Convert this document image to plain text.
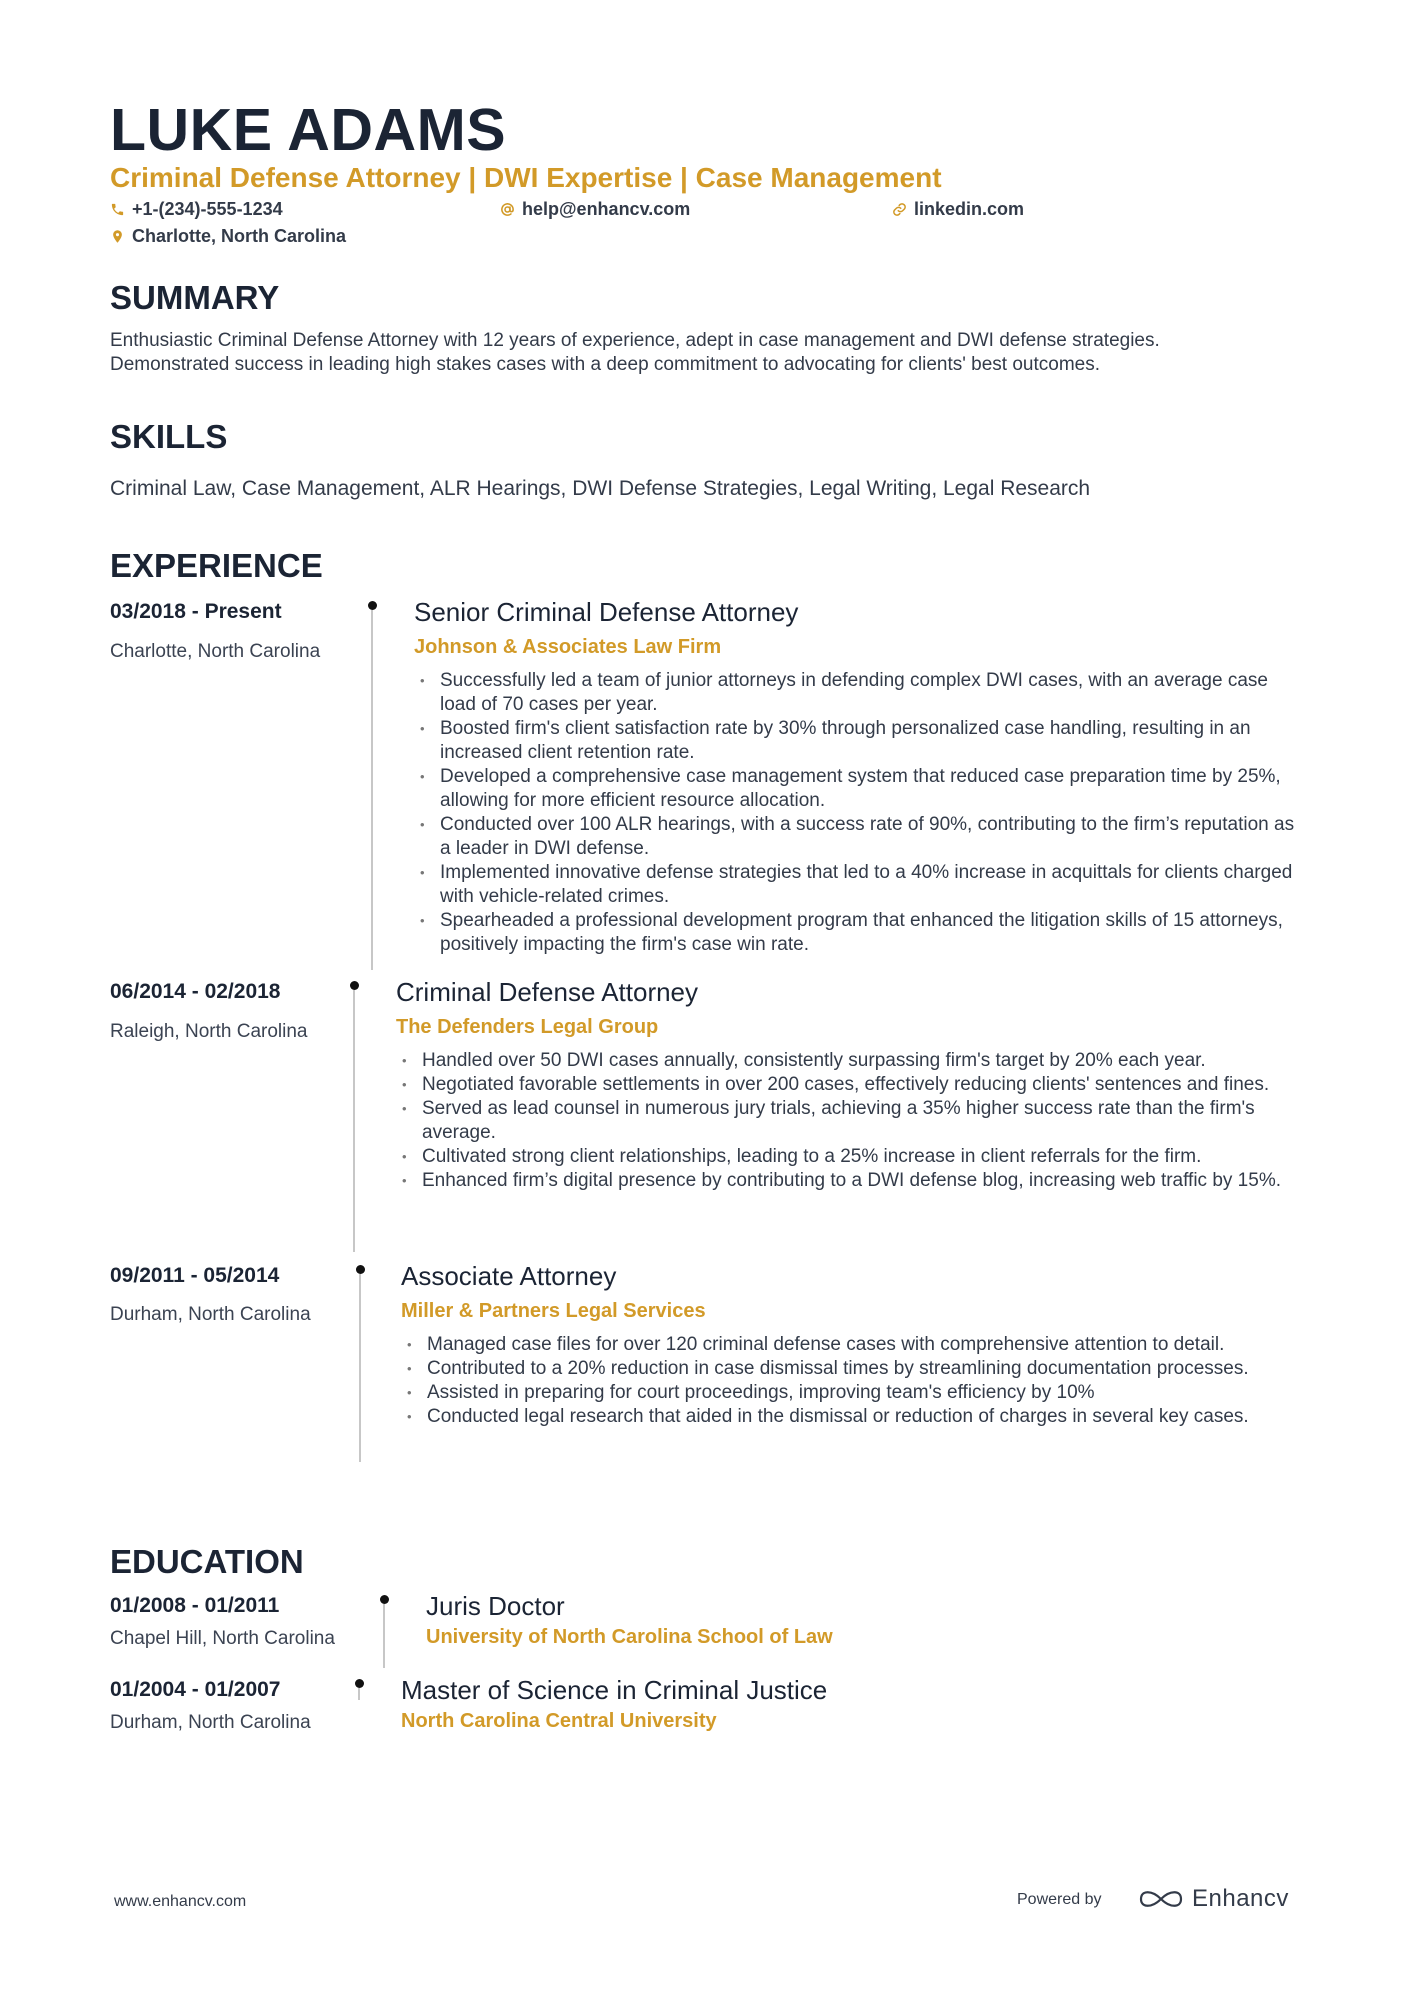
LUKE ADAMS
Criminal Defense Attorney | DWI Expertise | Case Management
+1-(234)-555-1234	help@enhancv.com	linkedin.com
Charlotte, North Carolina
SUMMARY

Enthusiastic Criminal Defense Attorney with 12 years of experience, adept in case management and DWI defense strategies.
Demonstrated success in leading high stakes cases with a deep commitment to advocating for clients' best outcomes.

SKILLS

Criminal Law, Case Management, ALR Hearings, DWI Defense Strategies, Legal Writing, Legal Research

EXPERIENCE
03/2018 - Present
Charlotte, North Carolina
Senior Criminal Defense Attorney
Johnson & Associates Law Firm
• Successfully led a team of junior attorneys in defending complex DWI cases, with an average case load of 70 cases per year.
• Boosted firm's client satisfaction rate by 30% through personalized case handling, resulting in an increased client retention rate.
• Developed a comprehensive case management system that reduced case preparation time by 25%, allowing for more efficient resource allocation.
• Conducted over 100 ALR hearings, with a success rate of 90%, contributing to the firm’s reputation as a leader in DWI defense.
• Implemented innovative defense strategies that led to a 40% increase in acquittals for clients charged with vehicle-related crimes.
• Spearheaded a professional development program that enhanced the litigation skills of 15 attorneys, positively impacting the firm's case win rate.
06/2014 - 02/2018
Raleigh, North Carolina
Criminal Defense Attorney
The Defenders Legal Group
• Handled over 50 DWI cases annually, consistently surpassing firm's target by 20% each year.
• Negotiated favorable settlements in over 200 cases, effectively reducing clients' sentences and fines.
• Served as lead counsel in numerous jury trials, achieving a 35% higher success rate than the firm's average.
• Cultivated strong client relationships, leading to a 25% increase in client referrals for the firm.
• Enhanced firm’s digital presence by contributing to a DWI defense blog, increasing web traffic by 15%.
09/2011 - 05/2014
Durham, North Carolina
Associate Attorney
Miller & Partners Legal Services
• Managed case files for over 120 criminal defense cases with comprehensive attention to detail.
• Contributed to a 20% reduction in case dismissal times by streamlining documentation processes.
• Assisted in preparing for court proceedings, improving team's efficiency by 10%
• Conducted legal research that aided in the dismissal or reduction of charges in several key cases.
EDUCATION
01/2008 - 01/2011
Chapel Hill, North Carolina
Juris Doctor
University of North Carolina School of Law
01/2004 - 01/2007
Durham, North Carolina
Master of Science in Criminal Justice
North Carolina Central University
www.enhancv.com	Powered by	Enhancv
